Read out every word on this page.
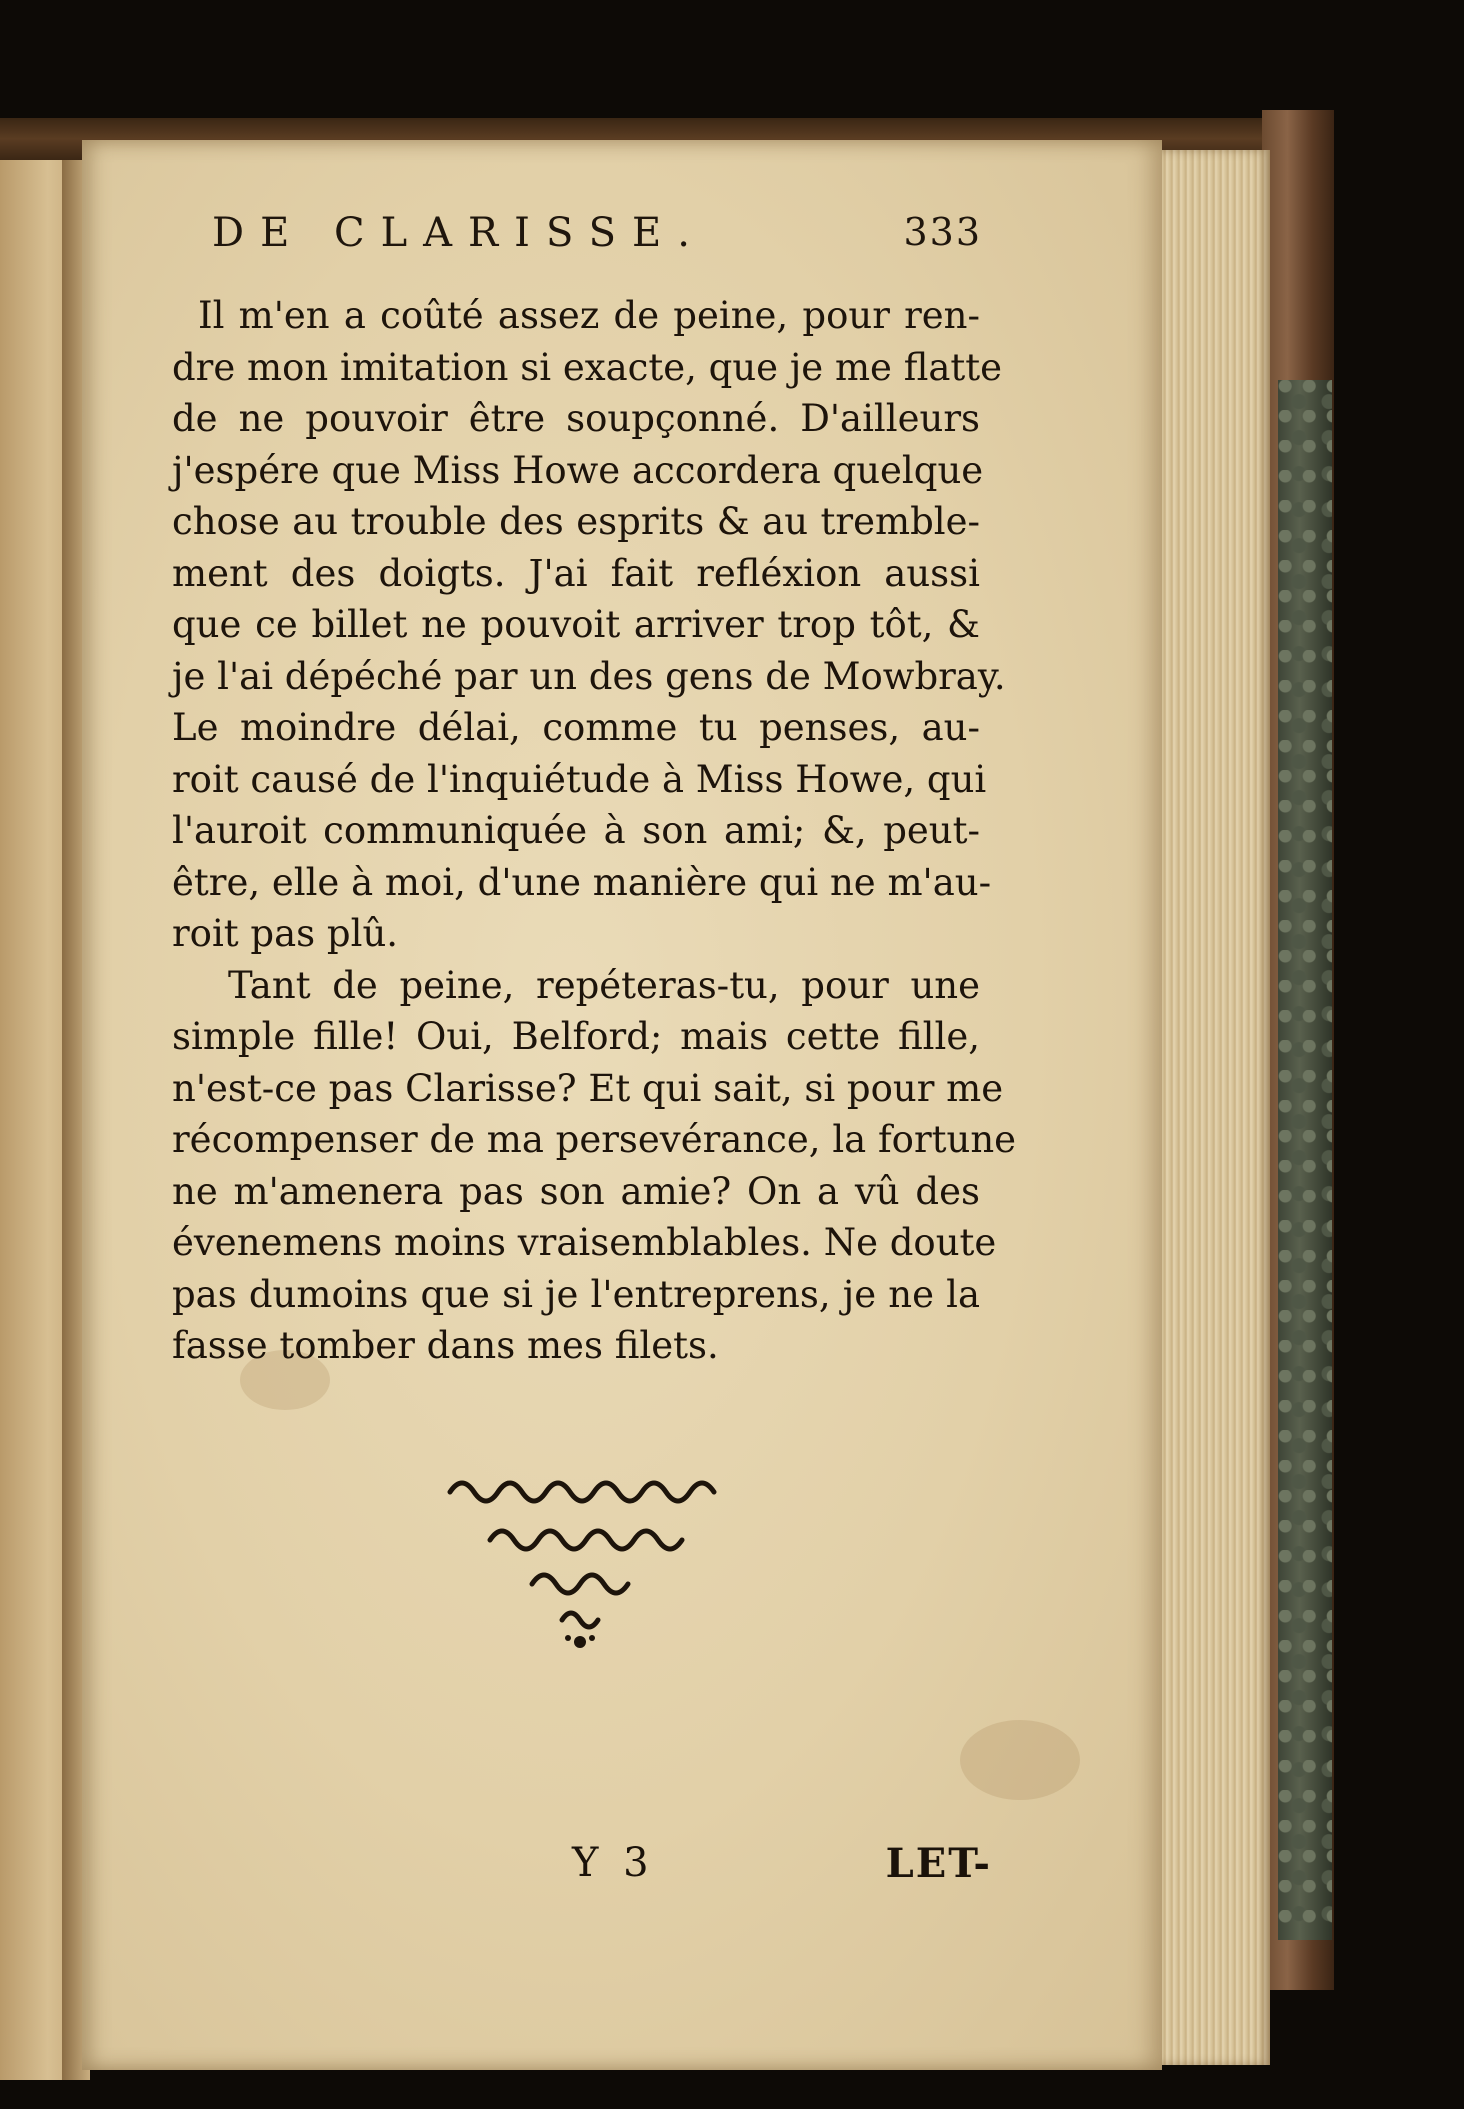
DE CLARISSE.	333
Il m'en a coûté assez de peine, pour ren-
dre mon imitation si exacte, que je me flatte
de ne pouvoir être soupçonné. D'ailleurs
j'espére que Miss Howe accordera quelque
chose au trouble des esprits & au tremble-
ment des doigts. J'ai fait refléxion aussi
que ce billet ne pouvoit arriver trop tôt, &
je l'ai dépéché par un des gens de Mowbray.
Le moindre délai, comme tu penses, au-
roit causé de l'inquiétude à Miss Howe, qui
l'auroit communiquée à son ami; &, peut-
être, elle à moi, d'une manière qui ne m'au-
roit pas plû.
Tant de peine, repéteras-tu, pour une
simple fille! Oui, Belford; mais cette fille,
n'est-ce pas Clarisse? Et qui sait, si pour me
récompenser de ma persevérance, la fortune
ne m'amenera pas son amie? On a vû des
évenemens moins vraisemblables. Ne doute
pas dumoins que si je l'entreprens, je ne la
fasse tomber dans mes filets.
Y 3	LET-
